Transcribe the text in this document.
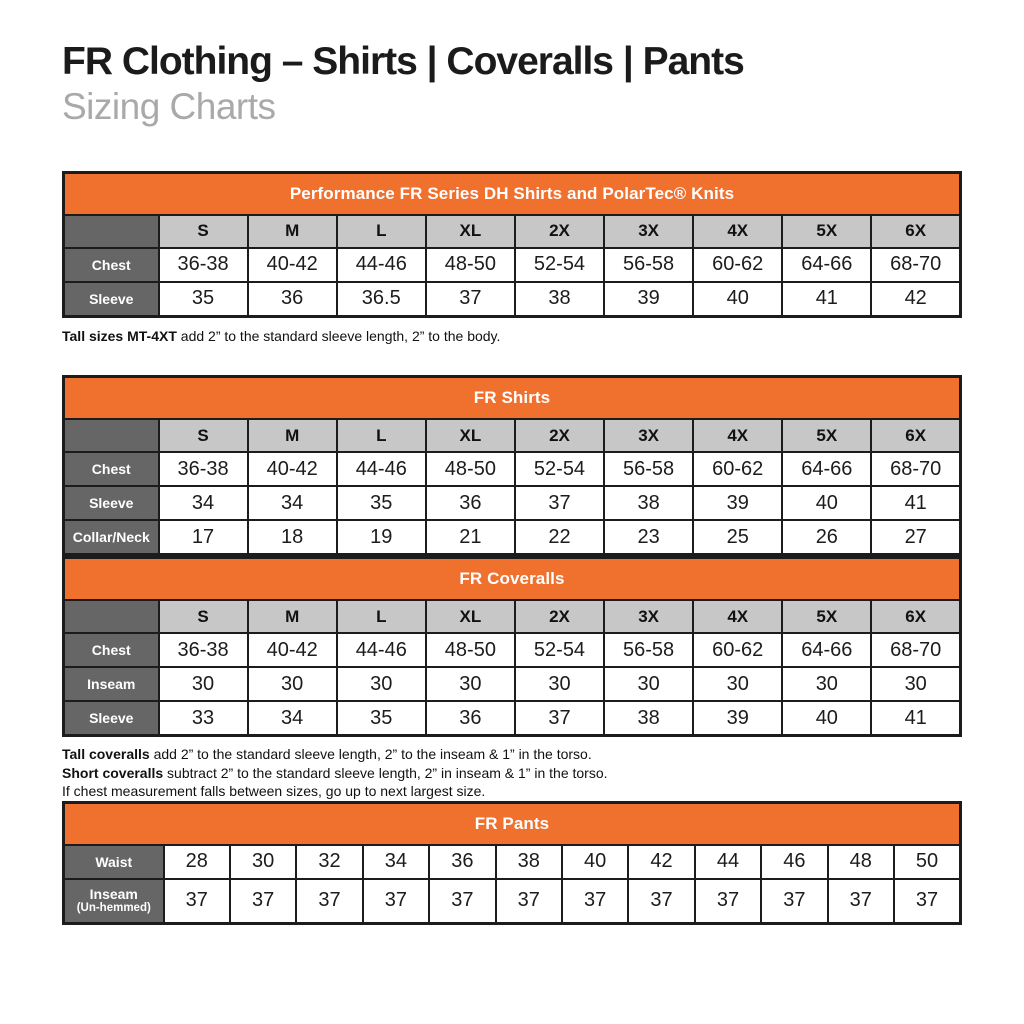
FR Clothing – Shirts | Coveralls | Pants
Sizing Charts
Performance FR Series DH Shirts and PolarTec® Knits									
	S	M	L	XL	2X	3X	4X	5X	6X
Chest	36-38	40-42	44-46	48-50	52-54	56-58	60-62	64-66	68-70
Sleeve	35	36	36.5	37	38	39	40	41	42

Tall sizes MT-4XT add 2” to the standard sleeve length, 2” to the body.

FR Shirts									
	S	M	L	XL	2X	3X	4X	5X	6X
Chest	36-38	40-42	44-46	48-50	52-54	56-58	60-62	64-66	68-70
Sleeve	34	34	35	36	37	38	39	40	41
Collar/Neck	17	18	19	21	22	23	25	26	27
FR Coveralls									
	S	M	L	XL	2X	3X	4X	5X	6X
Chest	36-38	40-42	44-46	48-50	52-54	56-58	60-62	64-66	68-70
Inseam	30	30	30	30	30	30	30	30	30
Sleeve	33	34	35	36	37	38	39	40	41

Tall coveralls add 2” to the standard sleeve length, 2” to the inseam & 1” in the torso.

Short coveralls subtract 2” to the standard sleeve length, 2” in inseam & 1” in the torso.

If chest measurement falls between sizes, go up to next largest size.

FR Pants												
Waist	28	30	32	34	36	38	40	42	44	46	48	50
Inseam
(Un-hemmed)	37	37	37	37	37	37	37	37	37	37	37	37
